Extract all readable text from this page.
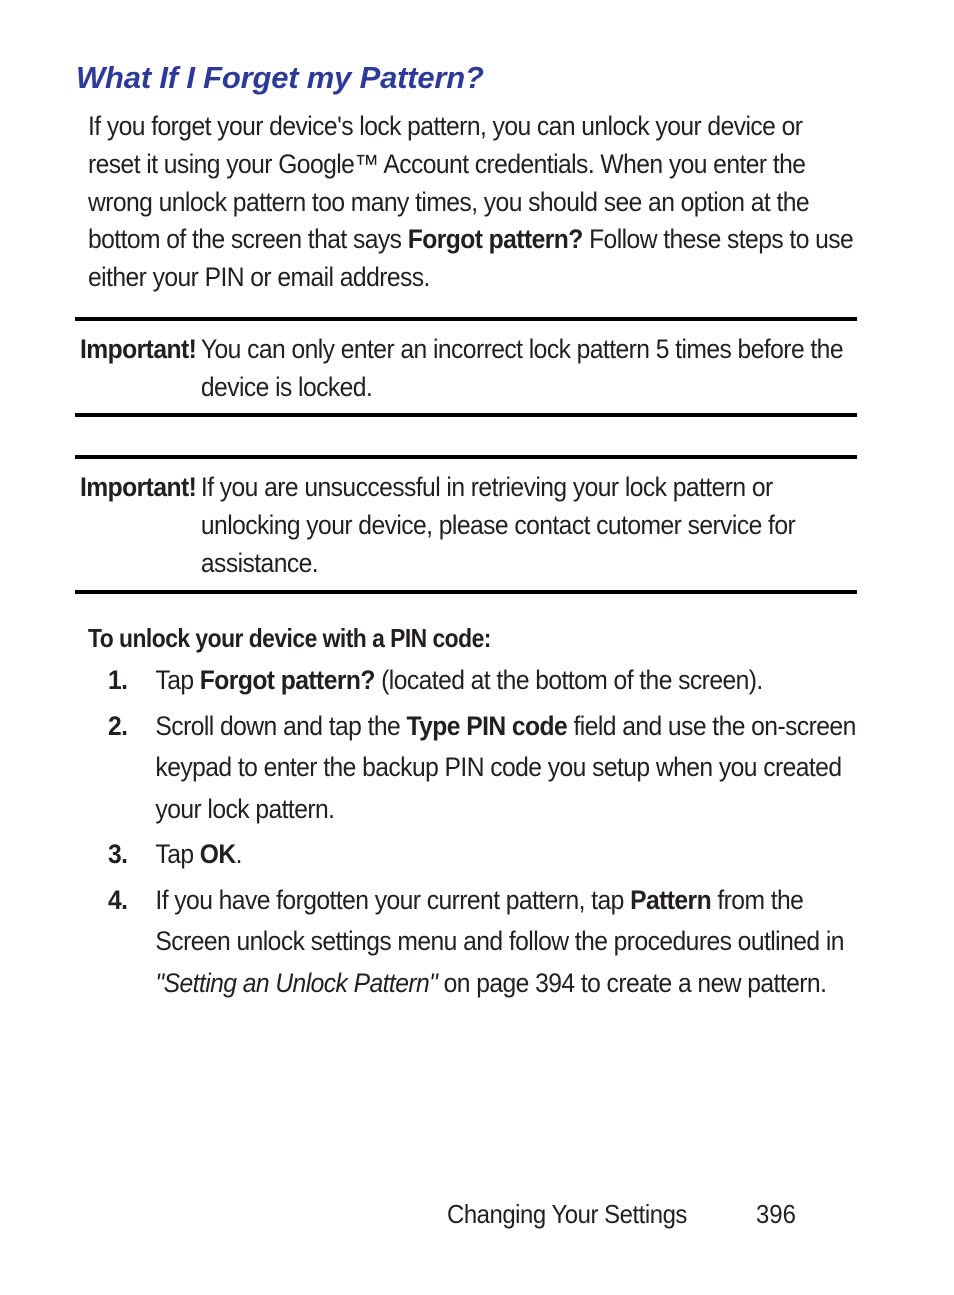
What If I Forget my Pattern?

If you forget your device's lock pattern, you can unlock your device or reset it using your Google™ Account credentials. When you enter the wrong unlock pattern too many times, you should see an option at the bottom of the screen that says Forgot pattern? Follow these steps to use either your PIN or email address.

Important! You can only enter an incorrect lock pattern 5 times before the device is locked.
Important! If you are unsuccessful in retrieving your lock pattern or unlocking your device, please contact cutomer service for assistance.
To unlock your device with a PIN code:
1. Tap Forgot pattern? (located at the bottom of the screen).
2. Scroll down and tap the Type PIN code field and use the on-screen keypad to enter the backup PIN code you setup when you created your lock pattern.
3. Tap OK.
4. If you have forgotten your current pattern, tap Pattern from the Screen unlock settings menu and follow the procedures outlined in "Setting an Unlock Pattern" on page 394 to create a new pattern.
Changing Your Settings	396
